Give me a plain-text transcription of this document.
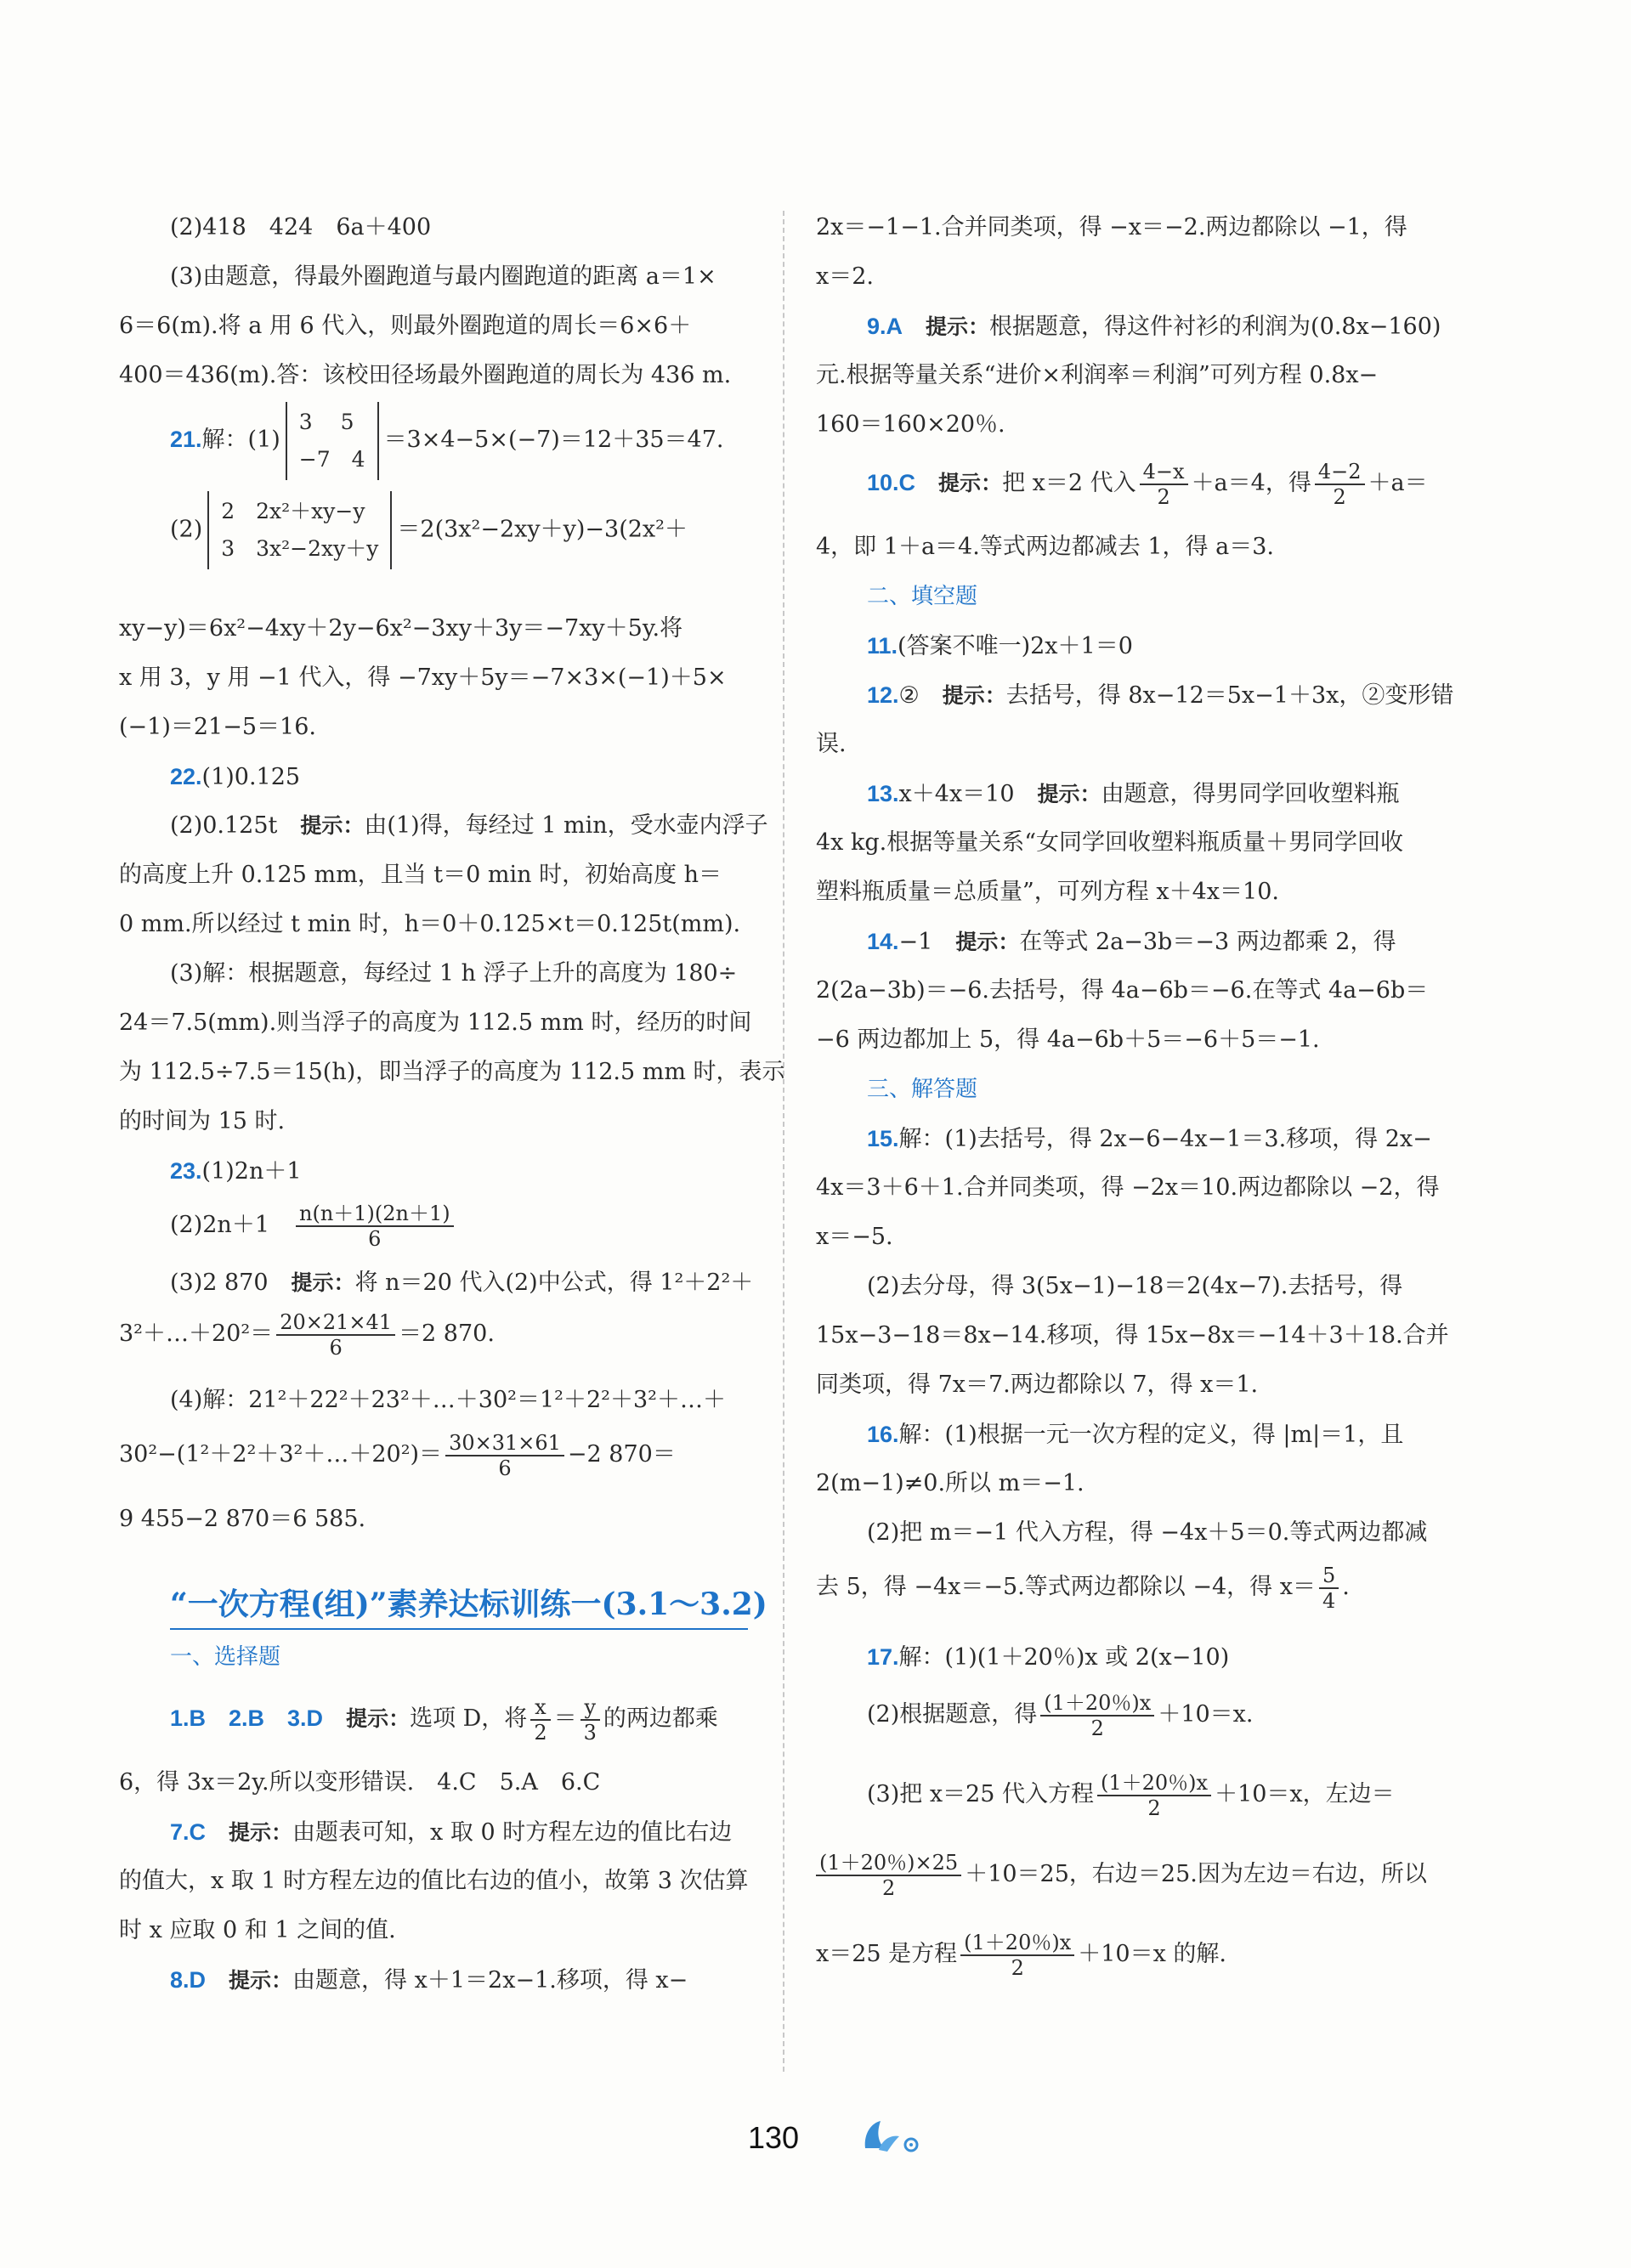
(2)418　424　6a＋400
(3)由题意，得最外圈跑道与最内圈跑道的距离 a＝1×
6＝6(m).将 a 用 6 代入，则最外圈跑道的周长＝6×6＋
400＝436(m).答：该校田径场最外圈跑道的周长为 436 m.
21.解：(1)
3　 5
−7　4
＝3×4−5×(−7)＝12＋35＝47.
(2)
2　2x²＋xy−y
3　3x²−2xy＋y
＝2(3x²−2xy＋y)−3(2x²＋
xy−y)＝6x²−4xy＋2y−6x²−3xy＋3y＝−7xy＋5y.将
x 用 3，y 用 −1 代入，得 −7xy＋5y＝−7×3×(−1)＋5×
(−1)＝21−5＝16.
22.(1)0.125
(2)0.125t　 提示：由(1)得，每经过 1 min，受水壶内浮子
的高度上升 0.125 mm，且当 t＝0 min 时，初始高度 h＝
0 mm.所以经过 t min 时，h＝0＋0.125×t＝0.125t(mm).
(3)解：根据题意，每经过 1 h 浮子上升的高度为 180÷
24＝7.5(mm).则当浮子的高度为 112.5 mm 时，经历的时间
为 112.5÷7.5＝15(h)，即当浮子的高度为 112.5 mm 时，表示
的时间为 15 时.
23.(1)2n＋1
(2)2n＋1　 $\frac{n(n+1)(2n+1)}{6}$
(3)2 870　 提示：将 n＝20 代入(2)中公式，得 1²＋2²＋
3²＋…＋20²＝ $\frac{20\times 21\times 41}{6} =2$ 870.
(4)解：21²＋22²＋23²＋…＋30²＝1²＋2²＋3²＋…＋
30²−(1²＋2²＋3²＋…＋20²)＝ $\frac{30\times 31\times 61}{6} -2$ 870＝
9 455−2 870＝6 585.
“一次方程(组)”素养达标训练一(3.1～3.2)
一、选择题
1.B　2.B　3.D　 提示：选项 D，将 $\frac{x}{2} = \frac{y}{3}$ 的两边都乘
6，得 3x＝2y.所以变形错误.　4.C　5.A　6.C
7.C　 提示：由题表可知，x 取 0 时方程左边的值比右边
的值大，x 取 1 时方程左边的值比右边的值小，故第 3 次估算
时 x 应取 0 和 1 之间的值.
8.D　 提示：由题意，得 x＋1＝2x−1.移项，得 x−
2x＝−1−1.合并同类项，得 −x＝−2.两边都除以 −1，得
x＝2.
9.A　 提示：根据题意，得这件衬衫的利润为(0.8x−160)
元.根据等量关系“进价×利润率＝利润”可列方程 0.8x−
160＝160×20％.
10.C　 提示：把 x＝2 代入 $\frac{4-x}{2} +a=4$，得 $\frac{4-2}{2} +a=$
4，即 1＋a＝4.等式两边都减去 1，得 a＝3.
二、填空题
11.(答案不唯一)2x＋1＝0
12.②　 提示：去括号，得 8x−12＝5x−1＋3x，②变形错
误.
13.x＋4x＝10　 提示：由题意，得男同学回收塑料瓶
4x kg.根据等量关系“女同学回收塑料瓶质量＋男同学回收
塑料瓶质量＝总质量”，可列方程 x＋4x＝10.
14.−1　 提示：在等式 2a−3b＝−3 两边都乘 2，得
2(2a−3b)＝−6.去括号，得 4a−6b＝−6.在等式 4a−6b＝
−6 两边都加上 5，得 4a−6b＋5＝−6＋5＝−1.
三、解答题
15.解：(1)去括号，得 2x−6−4x−1＝3.移项，得 2x−
4x＝3＋6＋1.合并同类项，得 −2x＝10.两边都除以 −2，得
x＝−5.
(2)去分母，得 3(5x−1)−18＝2(4x−7).去括号，得
15x−3−18＝8x−14.移项，得 15x−8x＝−14＋3＋18.合并
同类项，得 7x＝7.两边都除以 7，得 x＝1.
16.解：(1)根据一元一次方程的定义，得 |m|＝1，且
2(m−1)≠0.所以 m＝−1.
(2)把 m＝−1 代入方程，得 −4x＋5＝0.等式两边都减
去 5，得 −4x＝−5.等式两边都除以 −4，得 $x= \frac{5}{4}$ .
17.解：(1)(1＋20％)x 或 2(x−10)
(2)根据题意，得 $\frac{(1+20\%)x}{2} +10=x$.
(3)把 x＝25 代入方程 $\frac{(1+20\%)x}{2} +10=x$，左边＝
$\frac{(1+20\%)\times 25}{2} +10=25$，右边＝25.因为左边＝右边，所以
x＝25 是方程 $\frac{(1+20\%)x}{2} +10=x$ 的解.
130
